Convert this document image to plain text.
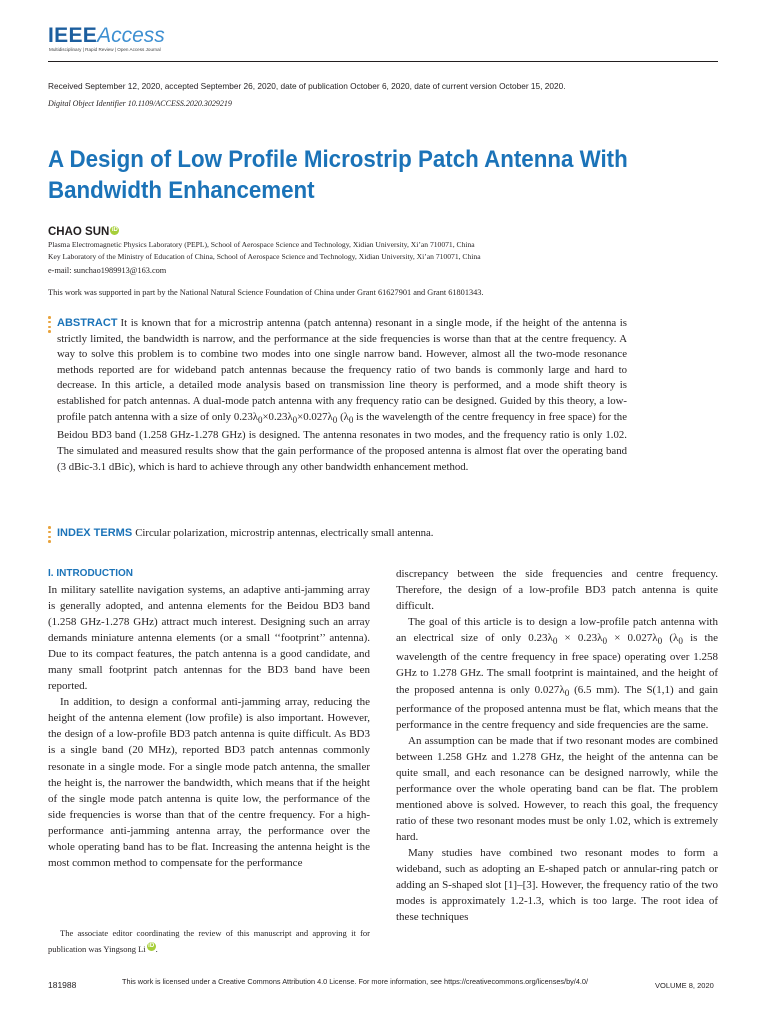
IEEEAccess
Multidisciplinary | Rapid Review | Open Access Journal
Received September 12, 2020, accepted September 26, 2020, date of publication October 6, 2020, date of current version October 15, 2020.
Digital Object Identifier 10.1109/ACCESS.2020.3029219
A Design of Low Profile Microstrip Patch Antenna With Bandwidth Enhancement
CHAO SUN iD
Plasma Electromagnetic Physics Laboratory (PEPL), School of Aerospace Science and Technology, Xidian University, Xi’an 710071, China
Key Laboratory of the Ministry of Education of China, School of Aerospace Science and Technology, Xidian University, Xi’an 710071, China
e-mail: sunchao1989913@163.com
This work was supported in part by the National Natural Science Foundation of China under Grant 61627901 and Grant 61801343.
ABSTRACT It is known that for a microstrip antenna (patch antenna) resonant in a single mode, if the height of the antenna is strictly limited, the bandwidth is narrow, and the performance at the side frequencies is worse than that at the centre frequency. A way to solve this problem is to combine two modes into one single narrow band. However, almost all the two-mode resonance methods reported are for wideband patch antennas because the frequency ratio of two bands is commonly large and hard to decrease. In this article, a detailed mode analysis based on transmission line theory is performed, and a mode shift theory is established for patch antennas. A dual-mode patch antenna with any frequency ratio can be designed. Guided by this theory, a low-profile patch antenna with a size of only $0.23\lambda_0\times 0.23\lambda_0\times 0.027\lambda_0$ ($\lambda_0$ is the wavelength of the centre frequency in free space) for the Beidou BD3 band (1.258 GHz-1.278 GHz) is designed. The antenna resonates in two modes, and the frequency ratio is only 1.02. The simulated and measured results show that the gain performance of the proposed antenna is almost flat over the operating band (3 dBic-3.1 dBic), which is hard to achieve through any other bandwidth enhancement method.
INDEX TERMS Circular polarization, microstrip antennas, electrically small antenna.
I. INTRODUCTION

In military satellite navigation systems, an adaptive anti-jamming array is generally adopted, and antenna elements for the Beidou BD3 band (1.258 GHz-1.278 GHz) attract much interest. Designing such an array demands miniature antenna elements (or a small ‘‘footprint’’ antenna). Due to its compact features, the patch antenna is a good candidate, and many small footprint patch antennas for the BD3 band have been reported.

In addition, to design a conformal anti-jamming array, reducing the height of the antenna element (low profile) is also important. However, the design of a low-profile BD3 patch antenna is quite difficult. As BD3 is a single band (20 MHz), reported BD3 patch antennas commonly resonate in a single mode. For a single mode patch antenna, the smaller the height is, the narrower the bandwidth, which means that if the height of the single mode patch antenna is quite low, the performance of the side frequencies is worse than that of the centre frequency. For a high-performance anti-jamming antenna array, the performance over the whole operating band has to be flat. Increasing the antenna height is the most common method to compensate for the performance

The associate editor coordinating the review of this manuscript and approving it for publication was Yingsong Li iD .

discrepancy between the side frequencies and centre frequency. Therefore, the design of a low-profile BD3 patch antenna is quite difficult.

The goal of this article is to design a low-profile patch antenna with an electrical size of only $0.23\lambda_0 \times 0.23\lambda_0 \times 0.027\lambda_0$ ($\lambda_0$ is the wavelength of the centre frequency in free space) operating over 1.258 GHz to 1.278 GHz. The small footprint is maintained, and the height of the proposed antenna is only $0.027\lambda_0$ (6.5 mm). The S(1,1) and gain performance of the proposed antenna must be flat, which means that the performance in the centre frequency and side frequencies are the same.

An assumption can be made that if two resonant modes are combined between 1.258 GHz and 1.278 GHz, the height of the antenna can be quite small, and each resonance can be designed narrowly, while the performance over the whole operating band can be flat. The problem mentioned above is solved. However, to reach this goal, the frequency ratio of these two resonant modes must be only 1.02, which is extremely hard.

Many studies have combined two resonant modes to form a wideband, such as adopting an E-shaped patch or annular-ring patch or adding an S-shaped slot [1]–[3]. However, the frequency ratio of the two modes is approximately 1.2-1.3, which is too large. The root idea of these techniques

181988	This work is licensed under a Creative Commons Attribution 4.0 License. For more information, see https://creativecommons.org/licenses/by/4.0/	VOLUME 8, 2020
